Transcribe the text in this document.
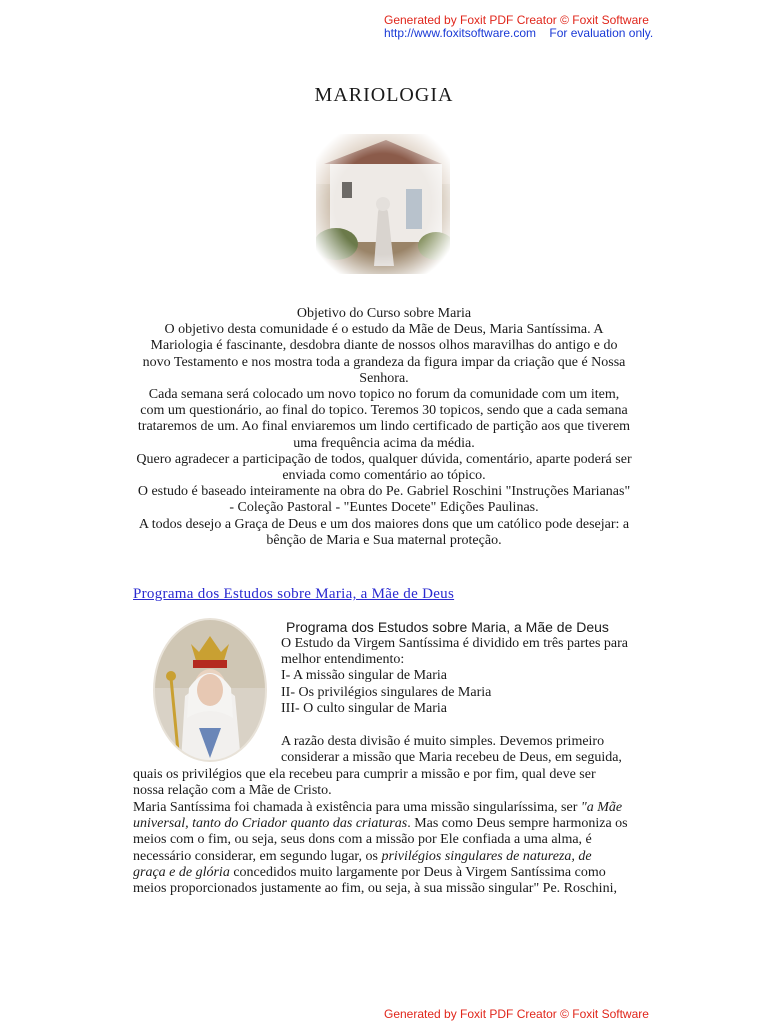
Generated by Foxit PDF Creator © Foxit Software
http://www.foxitsoftware.com For evaluation only.
MARIOLOGIA
Objetivo do Curso sobre Maria
O objetivo desta comunidade é o estudo da Mãe de Deus, Maria Santíssima. A
Mariologia é fascinante, desdobra diante de nossos olhos maravilhas do antigo e do
novo Testamento e nos mostra toda a grandeza da figura impar da criação que é Nossa
Senhora.
Cada semana será colocado um novo topico no forum da comunidade com um item,
com um questionário, ao final do topico. Teremos 30 topicos, sendo que a cada semana
trataremos de um. Ao final enviaremos um lindo certificado de partição aos que tiverem
uma frequência acima da média.
Quero agradecer a participação de todos, qualquer dúvida, comentário, aparte poderá ser
enviada como comentário ao tópico.
O estudo é baseado inteiramente na obra do Pe. Gabriel Roschini "Instruções Marianas"
- Coleção Pastoral - "Euntes Docete" Edições Paulinas.
A todos desejo a Graça de Deus e um dos maiores dons que um católico pode desejar: a
bênção de Maria e Sua maternal proteção.
Programa dos Estudos sobre Maria, a Mãe de Deus
Programa dos Estudos sobre Maria, a Mãe de Deus
O Estudo da Virgem Santíssima é dividido em três partes para
melhor entendimento:
I- A missão singular de Maria
II- Os privilégios singulares de Maria
III- O culto singular de Maria
A razão desta divisão é muito simples. Devemos primeiro
considerar a missão que Maria recebeu de Deus, em seguida,
quais os privilégios que ela recebeu para cumprir a missão e por fim, qual deve ser
nossa relação com a Mãe de Cristo.
Maria Santíssima foi chamada à existência para uma missão singularíssima, ser "a Mãe
universal, tanto do Criador quanto das criaturas. Mas como Deus sempre harmoniza os
meios com o fim, ou seja, seus dons com a missão por Ele confiada a uma alma, é
necessário considerar, em segundo lugar, os privilégios singulares de natureza, de
graça e de glória concedidos muito largamente por Deus à Virgem Santíssima como
meios proporcionados justamente ao fim, ou seja, à sua missão singular" Pe. Roschini,
Generated by Foxit PDF Creator © Foxit Software
